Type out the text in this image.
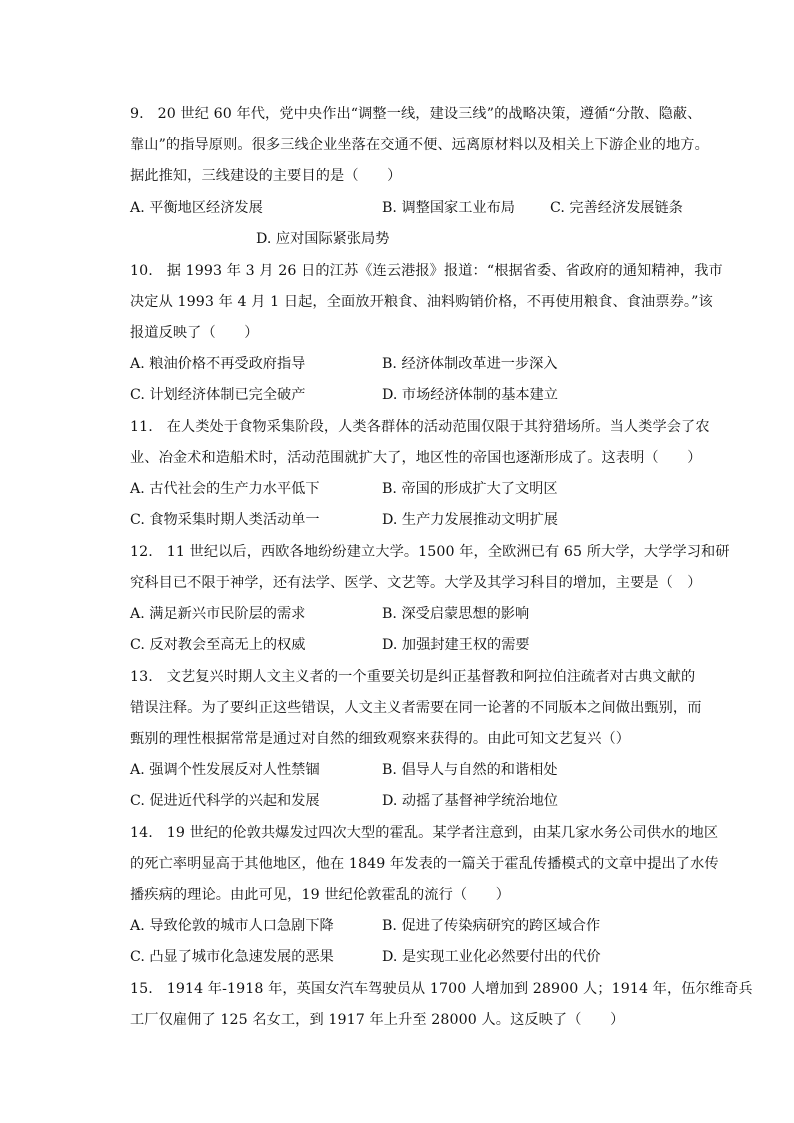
9.   20 世纪 60 年代，党中央作出“调整一线，建设三线”的战略决策，遵循“分散、隐蔽、
靠山”的指导原则。很多三线企业坐落在交通不便、远离原材料以及相关上下游企业的地方。
据此推知，三线建设的主要目的是（　　）
A. 平衡地区经济发展	B. 调整国家工业布局 C. 完善经济发展链条
D. 应对国际紧张局势
10.   据 1993 年 3 月 26 日的江苏《连云港报》报道：“根据省委、省政府的通知精神，我市
决定从 1993 年 4 月 1 日起，全面放开粮食、油料购销价格，不再使用粮食、食油票券。”该
报道反映了（　　）
A. 粮油价格不再受政府指导	B. 经济体制改革进一步深入
C. 计划经济体制已完全破产	D. 市场经济体制的基本建立
11.   在人类处于食物采集阶段，人类各群体的活动范围仅限于其狩猎场所。当人类学会了农
业、冶金术和造船术时，活动范围就扩大了，地区性的帝国也逐渐形成了。这表明（　　）
A. 古代社会的生产力水平低下	B. 帝国的形成扩大了文明区
C. 食物采集时期人类活动单一	D. 生产力发展推动文明扩展
12.   11 世纪以后，西欧各地纷纷建立大学。1500 年，全欧洲已有 65 所大学，大学学习和研
究科目已不限于神学，还有法学、医学、文艺等。大学及其学习科目的增加，主要是（　）
A. 满足新兴市民阶层的需求	B. 深受启蒙思想的影响
C. 反对教会至高无上的权威	D. 加强封建王权的需要
13.   文艺复兴时期人文主义者的一个重要关切是纠正基督教和阿拉伯注疏者对古典文献的
错误注释。为了要纠正这些错误，人文主义者需要在同一论著的不同版本之间做出甄别，而
甄别的理性根据常常是通过对自然的细致观察来获得的。由此可知文艺复兴（）
A. 强调个性发展反对人性禁锢	B. 倡导人与自然的和谐相处
C. 促进近代科学的兴起和发展	D. 动摇了基督神学统治地位
14.   19 世纪的伦敦共爆发过四次大型的霍乱。某学者注意到，由某几家水务公司供水的地区
的死亡率明显高于其他地区，他在 1849 年发表的一篇关于霍乱传播模式的文章中提出了水传
播疾病的理论。由此可见，19 世纪伦敦霍乱的流行（　　）
A. 导致伦敦的城市人口急剧下降	B. 促进了传染病研究的跨区域合作
C. 凸显了城市化急速发展的恶果	D. 是实现工业化必然要付出的代价
15.   1914 年-1918 年，英国女汽车驾驶员从 1700 人增加到 28900 人；1914 年，伍尔维奇兵
工厂仅雇佣了 125 名女工，到 1917 年上升至 28000 人。这反映了（　　）
